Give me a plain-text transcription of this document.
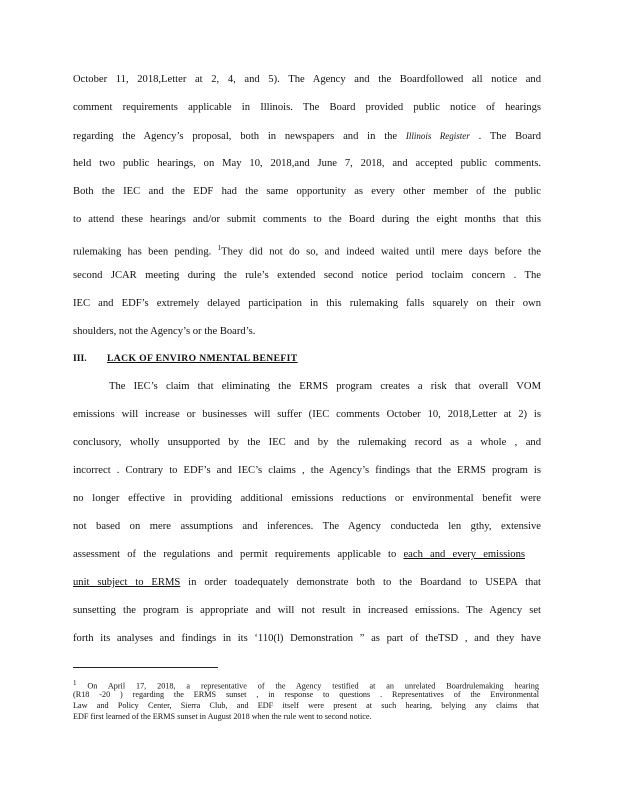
October 11, 2018,Letter at 2, 4, and 5). The Agency and the Boardfollowed all notice and
comment requirements applicable in Illinois. The Board provided public notice of hearings
regarding the Agency’s proposal, both in newspapers and in the Illinois Register . The Board
held two public hearings, on May 10, 2018,and June 7, 2018, and accepted public comments.
Both the IEC and the EDF had the same opportunity as every other member of the public
to attend these hearings and/or submit comments to the Board during the eight months that this
rulemaking has been pending. $^1$They did not do so, and indeed waited until mere days before the
second JCAR meeting during the rule’s extended second notice period toclaim concern . The
IEC and EDF’s extremely delayed participation in this rulemaking falls squarely on their own
shoulders, not the Agency’s or the Board’s.
III. LACK OF ENVIRO NMENTAL BENEFIT
The IEC’s claim that eliminating the ERMS program creates a risk that overall VOM
emissions will increase or businesses will suffer (IEC comments October 10, 2018,Letter at 2) is
conclusory, wholly unsupported by the IEC and by the rulemaking record as a whole , and
incorrect . Contrary to EDF’s and IEC’s claims , the Agency’s findings that the ERMS program is
no longer effective in providing additional emissions reductions or environmental benefit were
not based on mere assumptions and inferences. The Agency conducteda len gthy, extensive
assessment of the regulations and permit requirements applicable to each and every emissions
unit subject to ERMS in order toadequately demonstrate both to the Boardand to USEPA that
sunsetting the program is appropriate and will not result in increased emissions. The Agency set
forth its analyses and findings in its ‘110(l) Demonstration ” as part of theTSD , and they have
1 On April 17, 2018, a representative of the Agency testified at an unrelated Boardrulemaking hearing
(R18 -20 ) regarding the ERMS sunset , in response to questions . Representatives of the Environmental
Law and Policy Center, Sierra Club, and EDF itself were present at such hearing, belying any claims that
EDF first learned of the ERMS sunset in August 2018 when the rule went to second notice.
